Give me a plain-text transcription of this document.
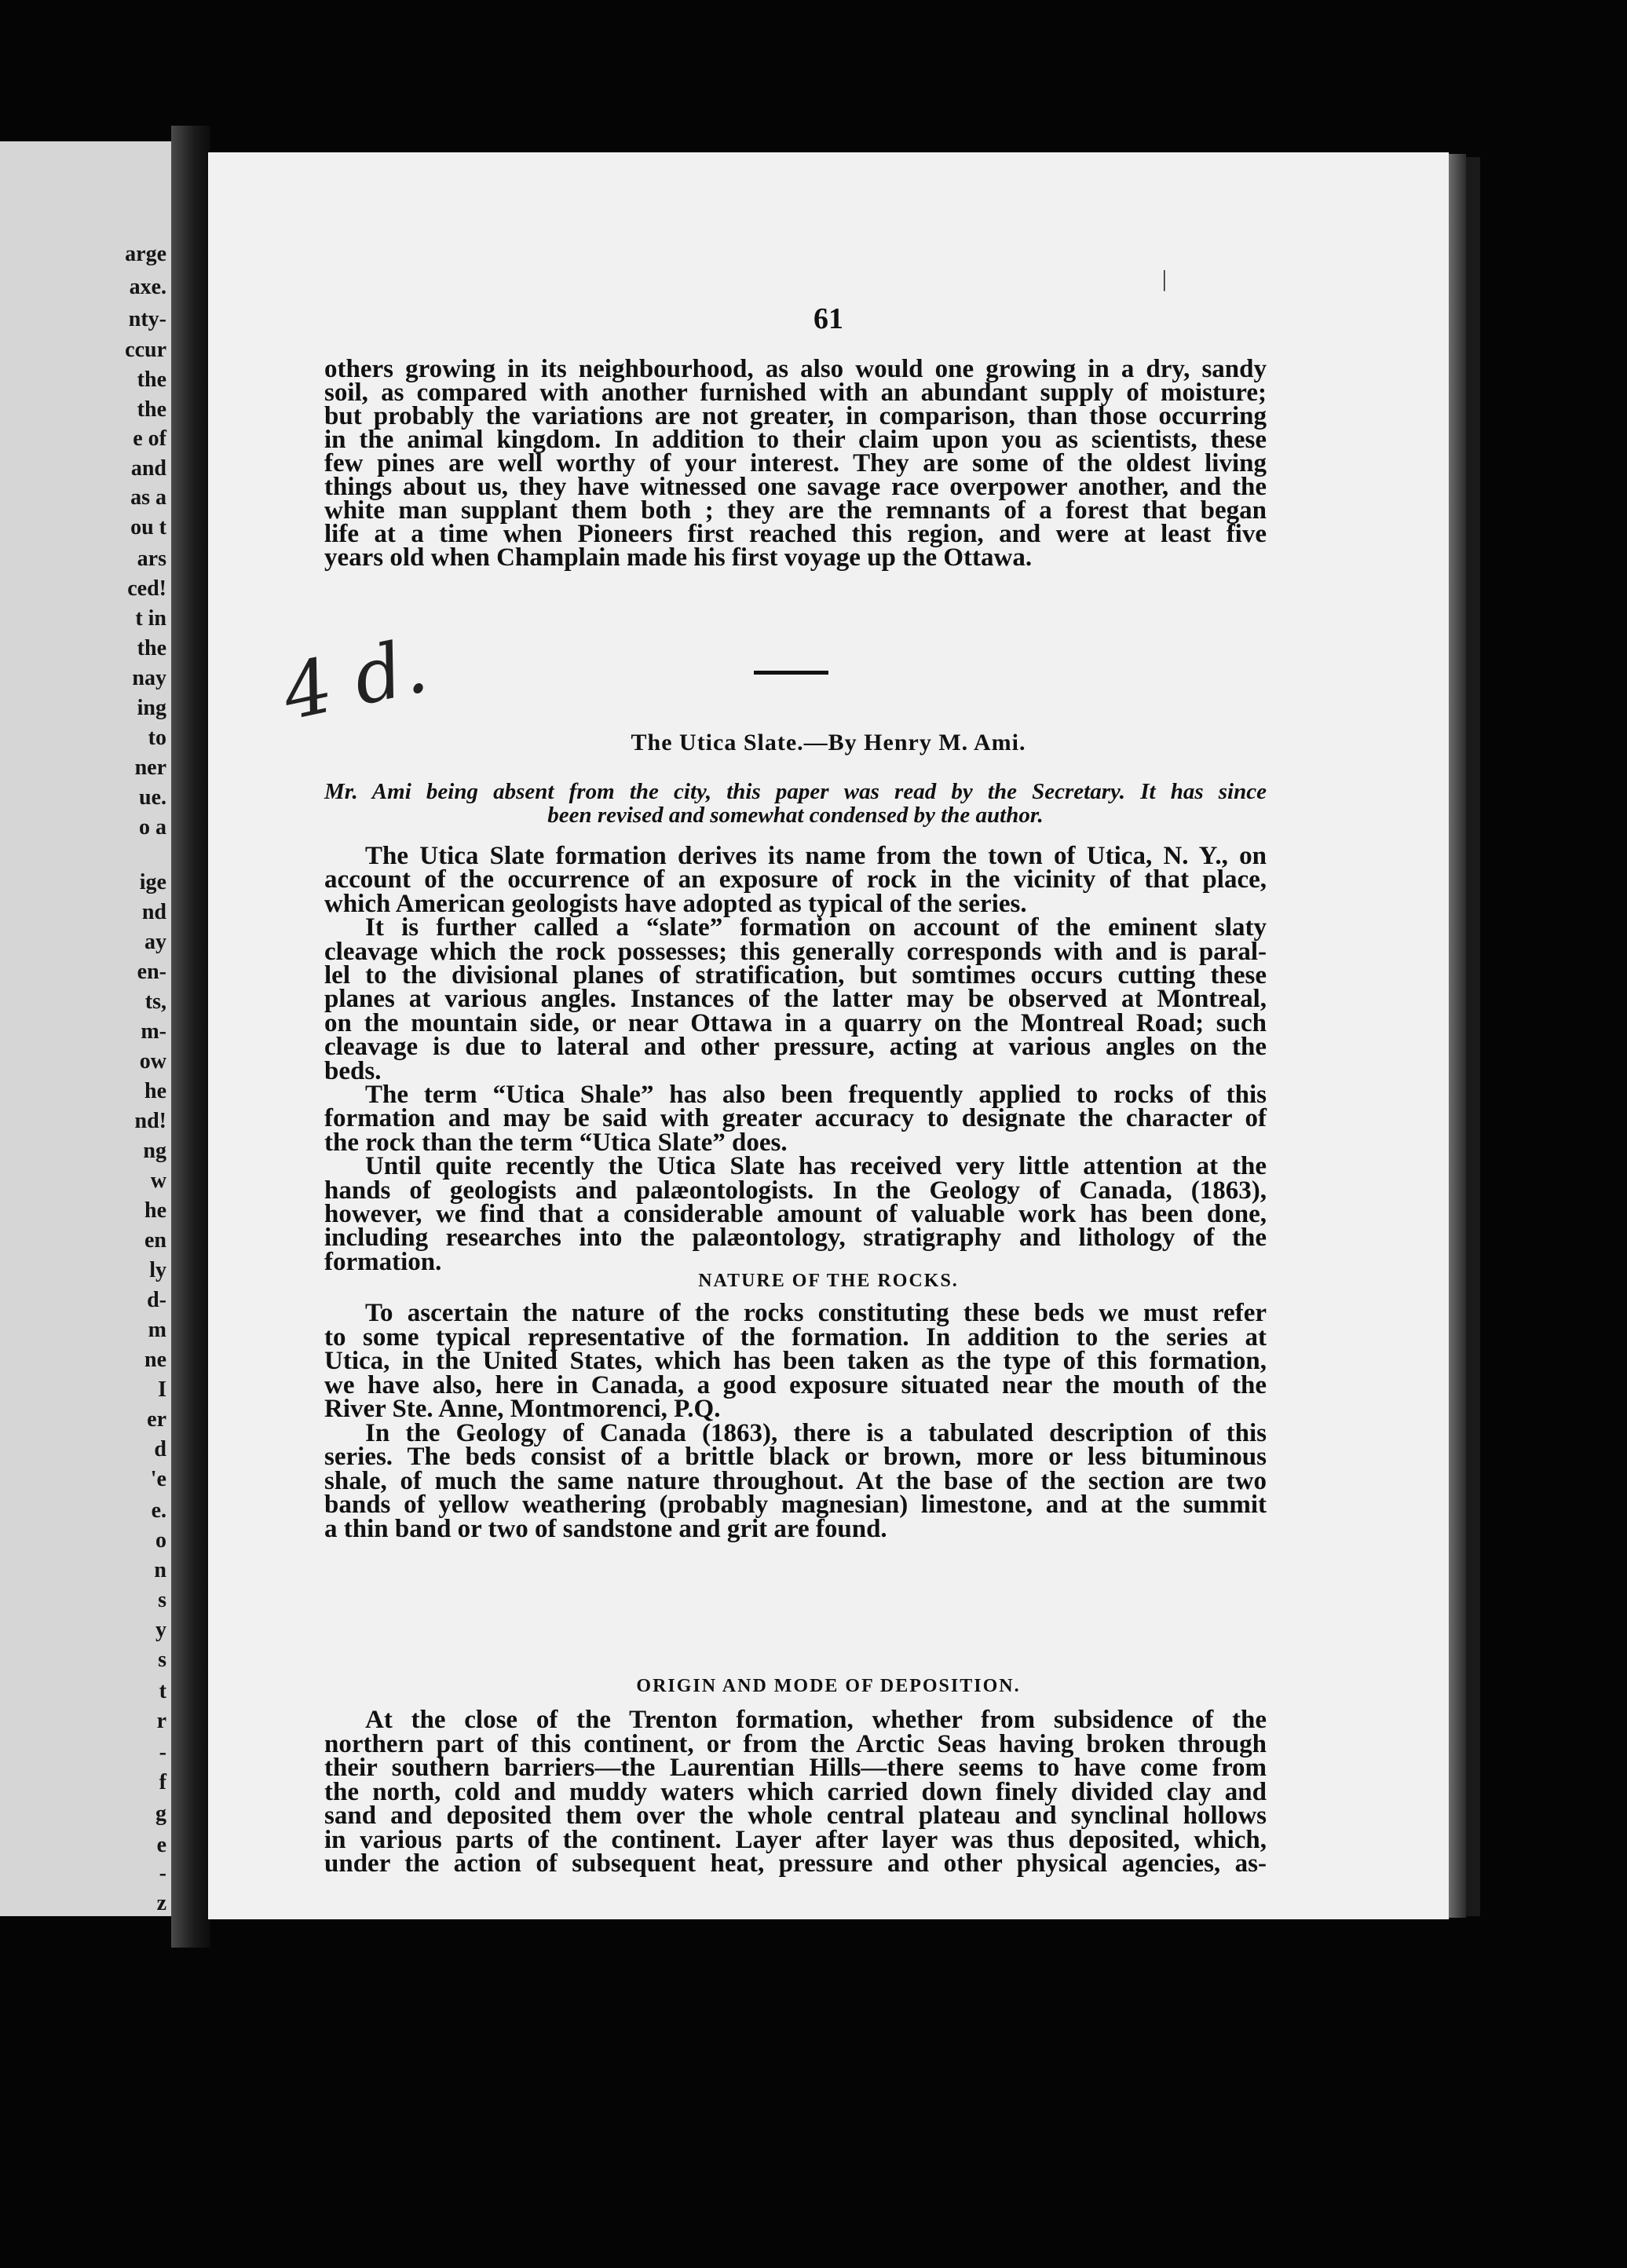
arge
axe.
nty-
ccur
the
the
e of
and
as a
ou t
ars
ced!
t in
the
nay
ing
to
ner
ue.
o a
ige
nd
ay
en-
ts,
m-
ow
he
nd!
ng
w
he
en
ly
d-
m
ne
I
er
d
'e
e.
o
n
s
y
s
t
r
-
f
g
e
-
z
│
61
4 d.
The Utica Slate.—By Henry M. Ami.
others growing in its neighbourhood, as also would one growing in a dry, sandy
soil, as compared with another furnished with an abundant supply of moisture;
but probably the variations are not greater, in comparison, than those occurring
in the animal kingdom. In addition to their claim upon you as scientists, these
few pines are well worthy of your interest. They are some of the oldest living
things about us, they have witnessed one savage race overpower another, and the
white man supplant them both ; they are the remnants of a forest that began
life at a time when Pioneers first reached this region, and were at least five
years old when Champlain made his first voyage up the Ottawa.
Mr. Ami being absent from the city, this paper was read by the Secretary. It has since
been revised and somewhat condensed by the author.
The Utica Slate formation derives its name from the town of Utica, N. Y., on
account of the occurrence of an exposure of rock in the vicinity of that place,
which American geologists have adopted as typical of the series.
It is further called a “slate” formation on account of the eminent slaty
cleavage which the rock possesses; this generally corresponds with and is paral-
lel to the divisional planes of stratification, but somtimes occurs cutting these
planes at various angles. Instances of the latter may be observed at Montreal,
on the mountain side, or near Ottawa in a quarry on the Montreal Road; such
cleavage is due to lateral and other pressure, acting at various angles on the
beds.
The term “Utica Shale” has also been frequently applied to rocks of this
formation and may be said with greater accuracy to designate the character of
the rock than the term “Utica Slate” does.
Until quite recently the Utica Slate has received very little attention at the
hands of geologists and palæontologists. In the Geology of Canada, (1863),
however, we find that a considerable amount of valuable work has been done,
including researches into the palæontology, stratigraphy and lithology of the
formation.
NATURE OF THE ROCKS.
To ascertain the nature of the rocks constituting these beds we must refer
to some typical representative of the formation. In addition to the series at
Utica, in the United States, which has been taken as the type of this formation,
we have also, here in Canada, a good exposure situated near the mouth of the
River Ste. Anne, Montmorenci, P.Q.
In the Geology of Canada (1863), there is a tabulated description of this
series. The beds consist of a brittle black or brown, more or less bituminous
shale, of much the same nature throughout. At the base of the section are two
bands of yellow weathering (probably magnesian) limestone, and at the summit
a thin band or two of sandstone and grit are found.
ORIGIN AND MODE OF DEPOSITION.
At the close of the Trenton formation, whether from subsidence of the
northern part of this continent, or from the Arctic Seas having broken through
their southern barriers—the Laurentian Hills—there seems to have come from
the north, cold and muddy waters which carried down finely divided clay and
sand and deposited them over the whole central plateau and synclinal hollows
in various parts of the continent. Layer after layer was thus deposited, which,
under the action of subsequent heat, pressure and other physical agencies, as-
